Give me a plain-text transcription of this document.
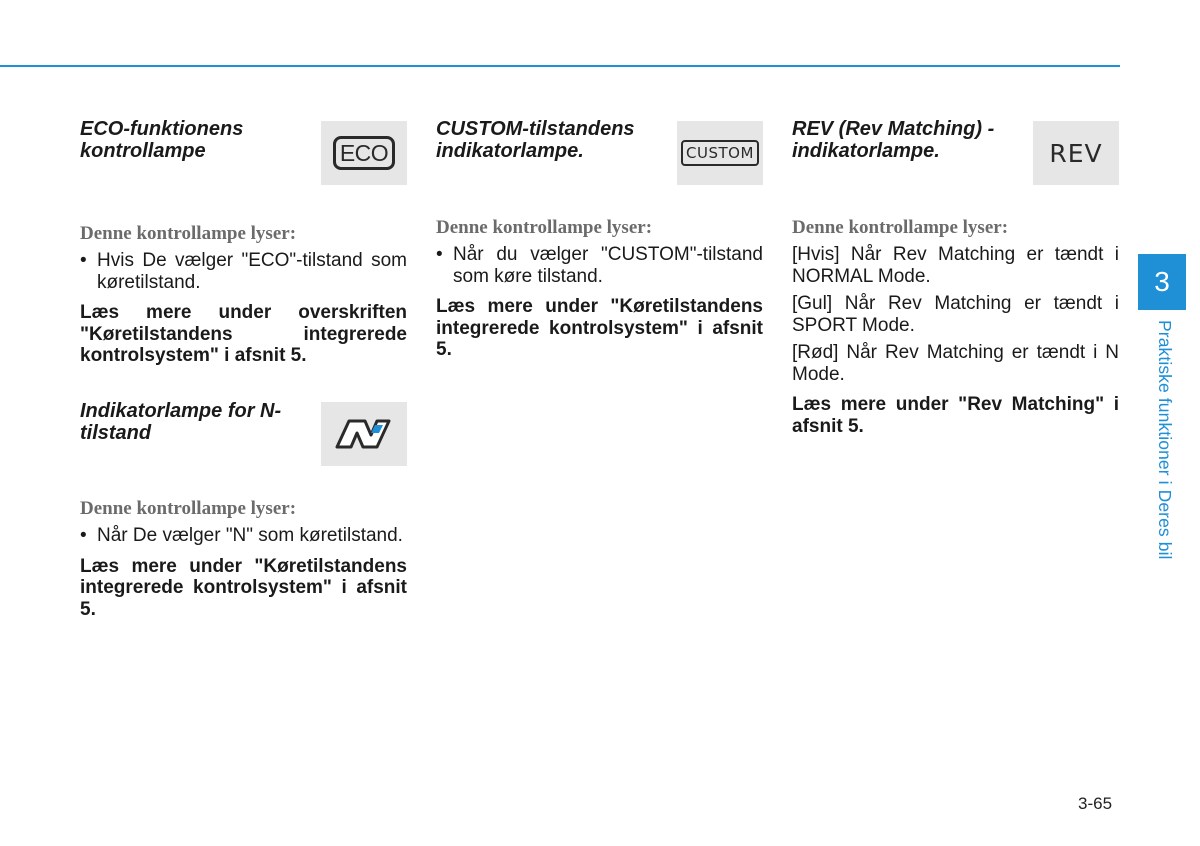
ECO-funktionens kontrollampe	ECO
Denne kontrollampe lyser:
• Hvis De vælger "ECO"-tilstand som køretilstand.

Læs mere under overskriften "Køretilstandens integrerede kontrolsystem" i afsnit 5.

Indikatorlampe for N-tilstand
Denne kontrollampe lyser:
• Når De vælger "N" som køretilstand.

Læs mere under "Køretilstandens integrerede kontrolsystem" i afsnit 5.

CUSTOM-tilstandens indikatorlampe.	CUSTOM
Denne kontrollampe lyser:
• Når du vælger "CUSTOM"-tilstand som køre tilstand.

Læs mere under "Køretilstandens integrerede kontrolsystem" i afsnit 5.

REV (Rev Matching) - indikatorlampe.	REV
Denne kontrollampe lyser:

[Hvis] Når Rev Matching er tændt i NORMAL Mode.

[Gul] Når Rev Matching er tændt i SPORT Mode.

[Rød] Når Rev Matching er tændt i N Mode.

Læs mere under "Rev Matching" i afsnit 5.

3
Praktiske funktioner i Deres bil
3-65
